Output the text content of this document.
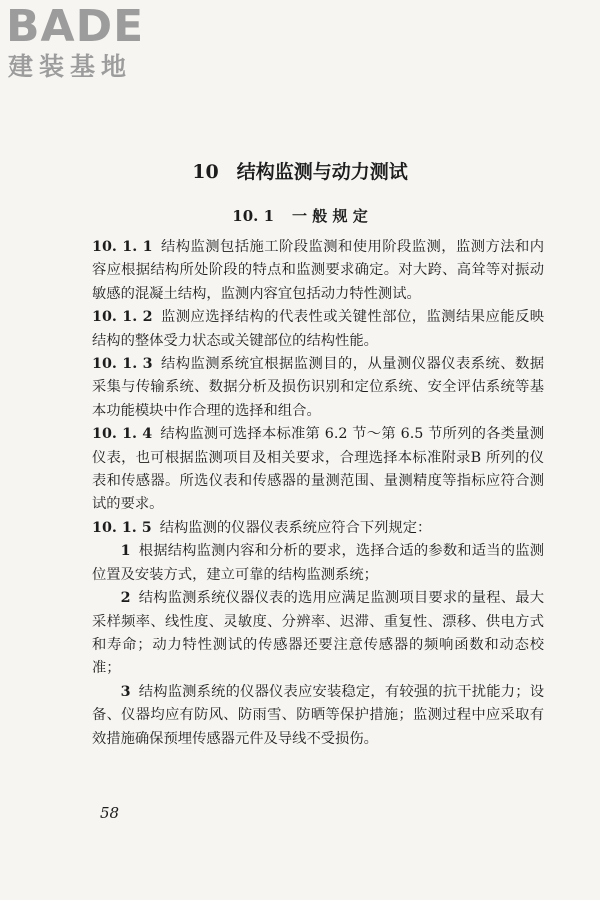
BADE

建装基地

10 结构监测与动力测试
10. 1 一 般 规 定

10. 1. 1 结构监测包括施工阶段监测和使用阶段监测，监测方法和内容应根据结构所处阶段的特点和监测要求确定。对大跨、高耸等对振动敏感的混凝土结构，监测内容宜包括动力特性测试。

10. 1. 2 监测应选择结构的代表性或关键性部位，监测结果应能反映结构的整体受力状态或关键部位的结构性能。

10. 1. 3 结构监测系统宜根据监测目的，从量测仪器仪表系统、数据采集与传输系统、数据分析及损伤识别和定位系统、安全评估系统等基本功能模块中作合理的选择和组合。

10. 1. 4 结构监测可选择本标准第 6.2 节～第 6.5 节所列的各类量测仪表，也可根据监测项目及相关要求，合理选择本标准附录B 所列的仪表和传感器。所选仪表和传感器的量测范围、量测精度等指标应符合测试的要求。

10. 1. 5 结构监测的仪器仪表系统应符合下列规定：

1 根据结构监测内容和分析的要求，选择合适的参数和适当的监测位置及安装方式，建立可靠的结构监测系统；

2 结构监测系统仪器仪表的选用应满足监测项目要求的量程、最大采样频率、线性度、灵敏度、分辨率、迟滞、重复性、漂移、供电方式和寿命；动力特性测试的传感器还要注意传感器的频响函数和动态校准；

3 结构监测系统的仪器仪表应安装稳定，有较强的抗干扰能力；设备、仪器均应有防风、防雨雪、防晒等保护措施；监测过程中应采取有效措施确保预埋传感器元件及导线不受损伤。

58
